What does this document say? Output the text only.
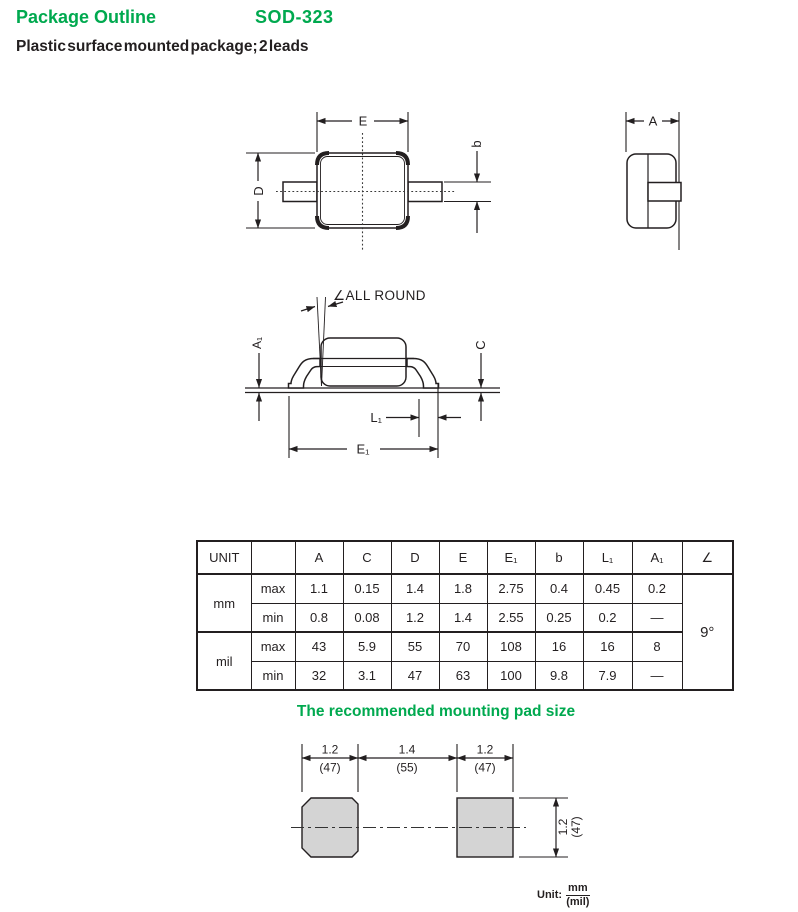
Package Outline	SOD-323
Plastic surface mounted package; 2 leads
E
D
b
A
∠ALL ROUND
A₁	C
L₁
E₁
1.2
(47)
1.4
(55)
1.2
(47)
1.2 (47)
UNIT		A	C	D	E	E₁	b	L₁	A₁	∠
mm	max	1.1	0.15	1.4	1.8	2.75	0.4	0.45	0.2	9°
	min	0.8	0.08	1.2	1.4	2.55	0.25	0.2	—	
mil	max	43	5.9	55	70	108	16	16	8	
	min	32	3.1	47	63	100	9.8	7.9	—	
The recommended mounting pad size
Unit: $\frac{mm}{\text{(mil)}}$
